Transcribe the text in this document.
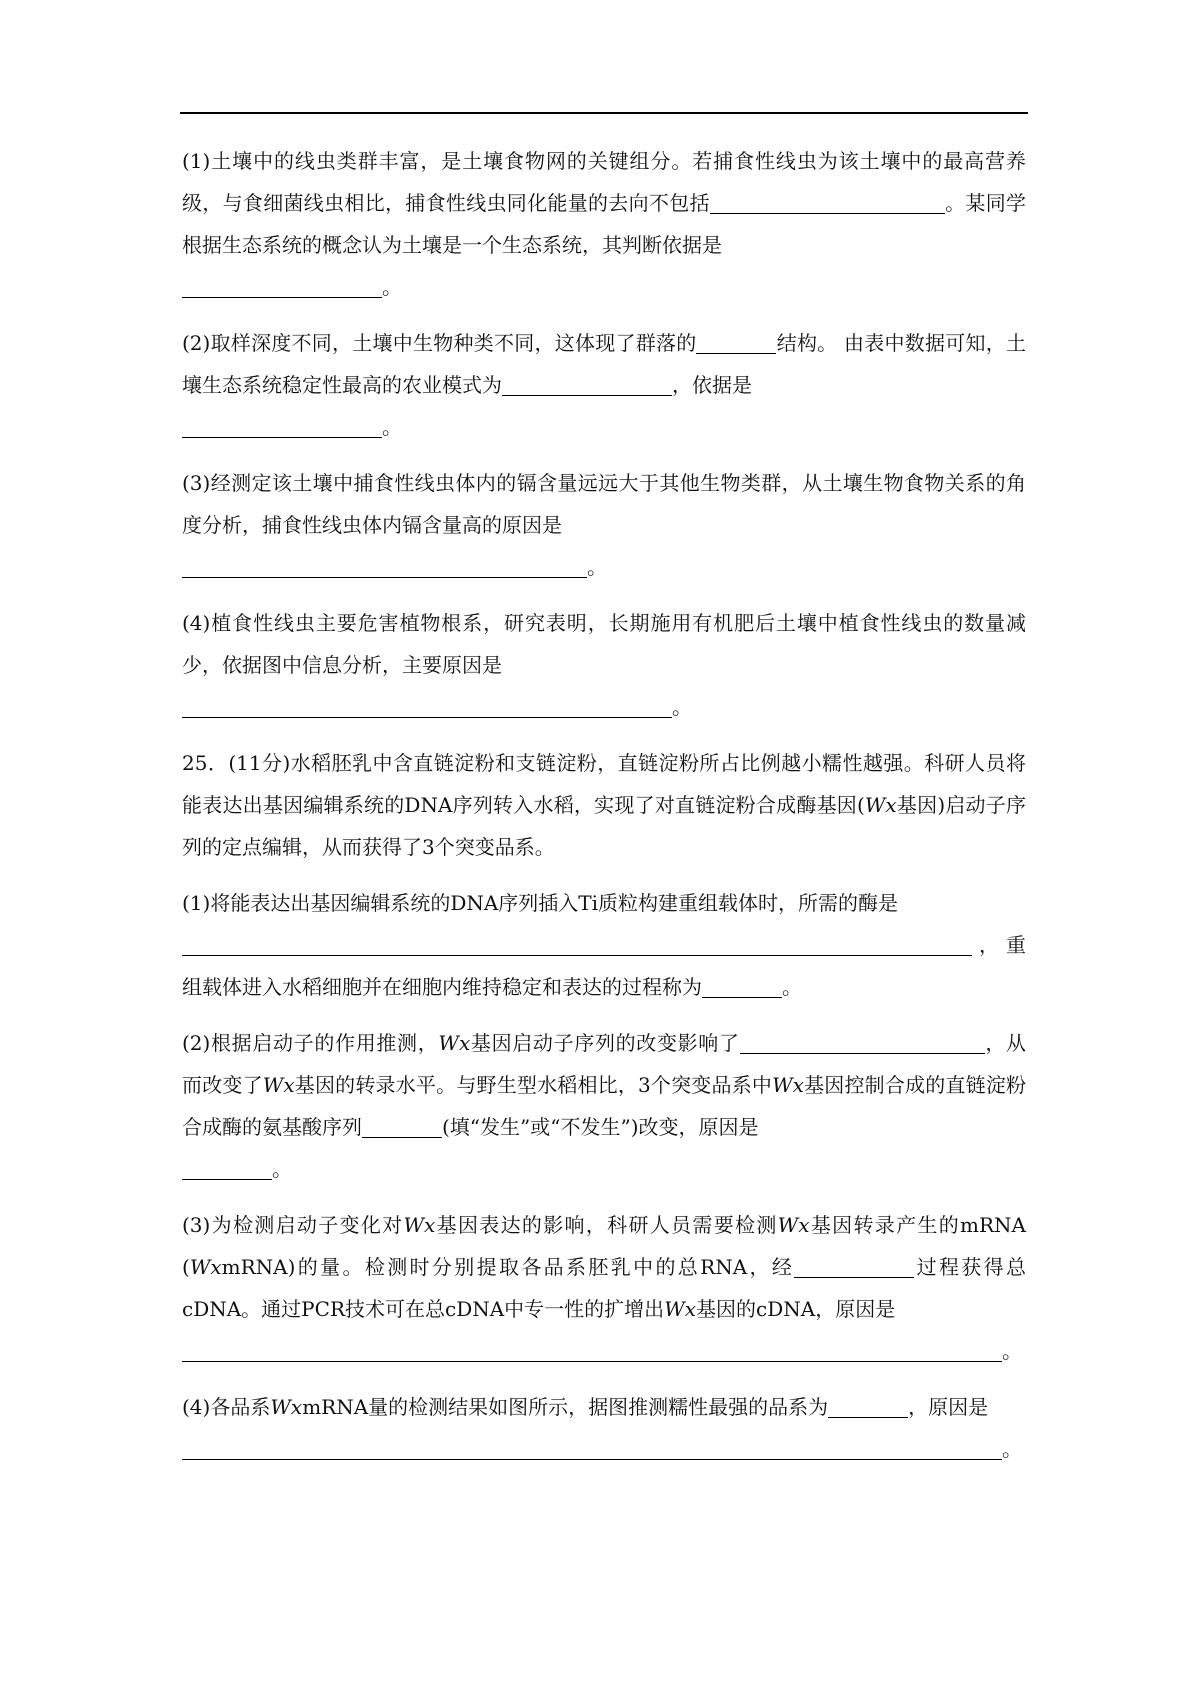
(1)土壤中的线虫类群丰富，是土壤食物网的关键组分。若捕食性线虫为该土壤中的最高营养级，与食细菌线虫相比，捕食性线虫同化能量的去向不包括	。某同学根据生态系统的概念认为土壤是一个生态系统，其判断依据是
。

(2)取样深度不同，土壤中生物种类不同，这体现了群落的	结构。 由表中数据可知，土壤生态系统稳定性最高的农业模式为	，依据是
。

(3)经测定该土壤中捕食性线虫体内的镉含量远远大于其他生物类群，从土壤生物食物关系的角度分析，捕食性线虫体内镉含量高的原因是
。

(4)植食性线虫主要危害植物根系，研究表明，长期施用有机肥后土壤中植食性线虫的数量减少，依据图中信息分析，主要原因是
。

25．(11分)水稻胚乳中含直链淀粉和支链淀粉，直链淀粉所占比例越小糯性越强。科研人员将能表达出基因编辑系统的DNA序列转入水稻，实现了对直链淀粉合成酶基因(Wx基因)启动子序列的定点编辑，从而获得了3个突变品系。

(1)将能表达出基因编辑系统的DNA序列插入Ti质粒构建重组载体时，所需的酶是
，重组载体进入水稻细胞并在细胞内维持稳定和表达的过程称为	。

(2)根据启动子的作用推测，Wx基因启动子序列的改变影响了	，从而改变了Wx基因的转录水平。与野生型水稻相比，3个突变品系中Wx基因控制合成的直链淀粉合成酶的氨基酸序列	(填“发生”或“不发生”)改变，原因是
。

(3)为检测启动子变化对Wx基因表达的影响，科研人员需要检测Wx基因转录产生的mRNA (WxmRNA)的量。检测时分别提取各品系胚乳中的总RNA，经	过程获得总 cDNA。通过PCR技术可在总cDNA中专一性的扩增出Wx基因的cDNA，原因是
。

(4)各品系WxmRNA量的检测结果如图所示，据图推测糯性最强的品系为	，原因是
。
